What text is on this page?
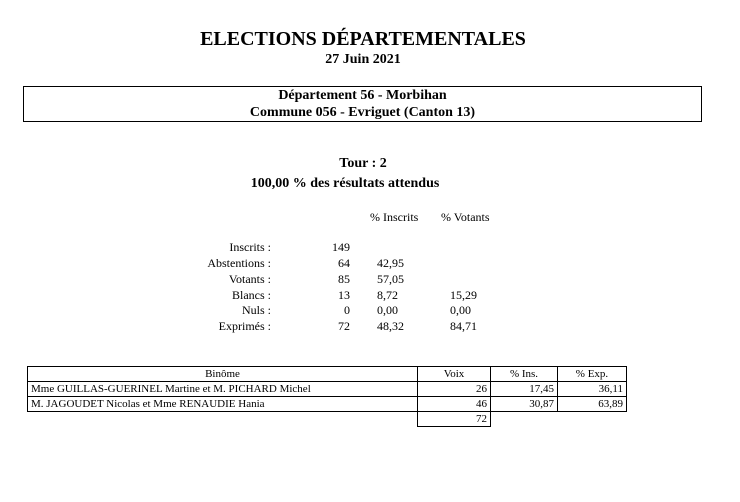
ELECTIONS DÉPARTEMENTALES
27 Juin 2021
Département 56 - Morbihan
Commune 056 - Evriguet (Canton 13)
Tour : 2
100,00 % des résultats attendus
% Inscrits % Votants
Inscrits :	149
Abstentions :	64 42,95
Votants :	85 57,05
Blancs :	13 8,72	15,29
Nuls :	0 0,00	0,00
Exprimés :	72 48,32	84,71
Binôme	Voix	% Ins.	% Exp.
Mme GUILLAS-GUERINEL Martine et M. PICHARD Michel	26	17,45	36,11
M. JAGOUDET Nicolas et Mme RENAUDIE Hania	46	30,87	63,89
	72		
